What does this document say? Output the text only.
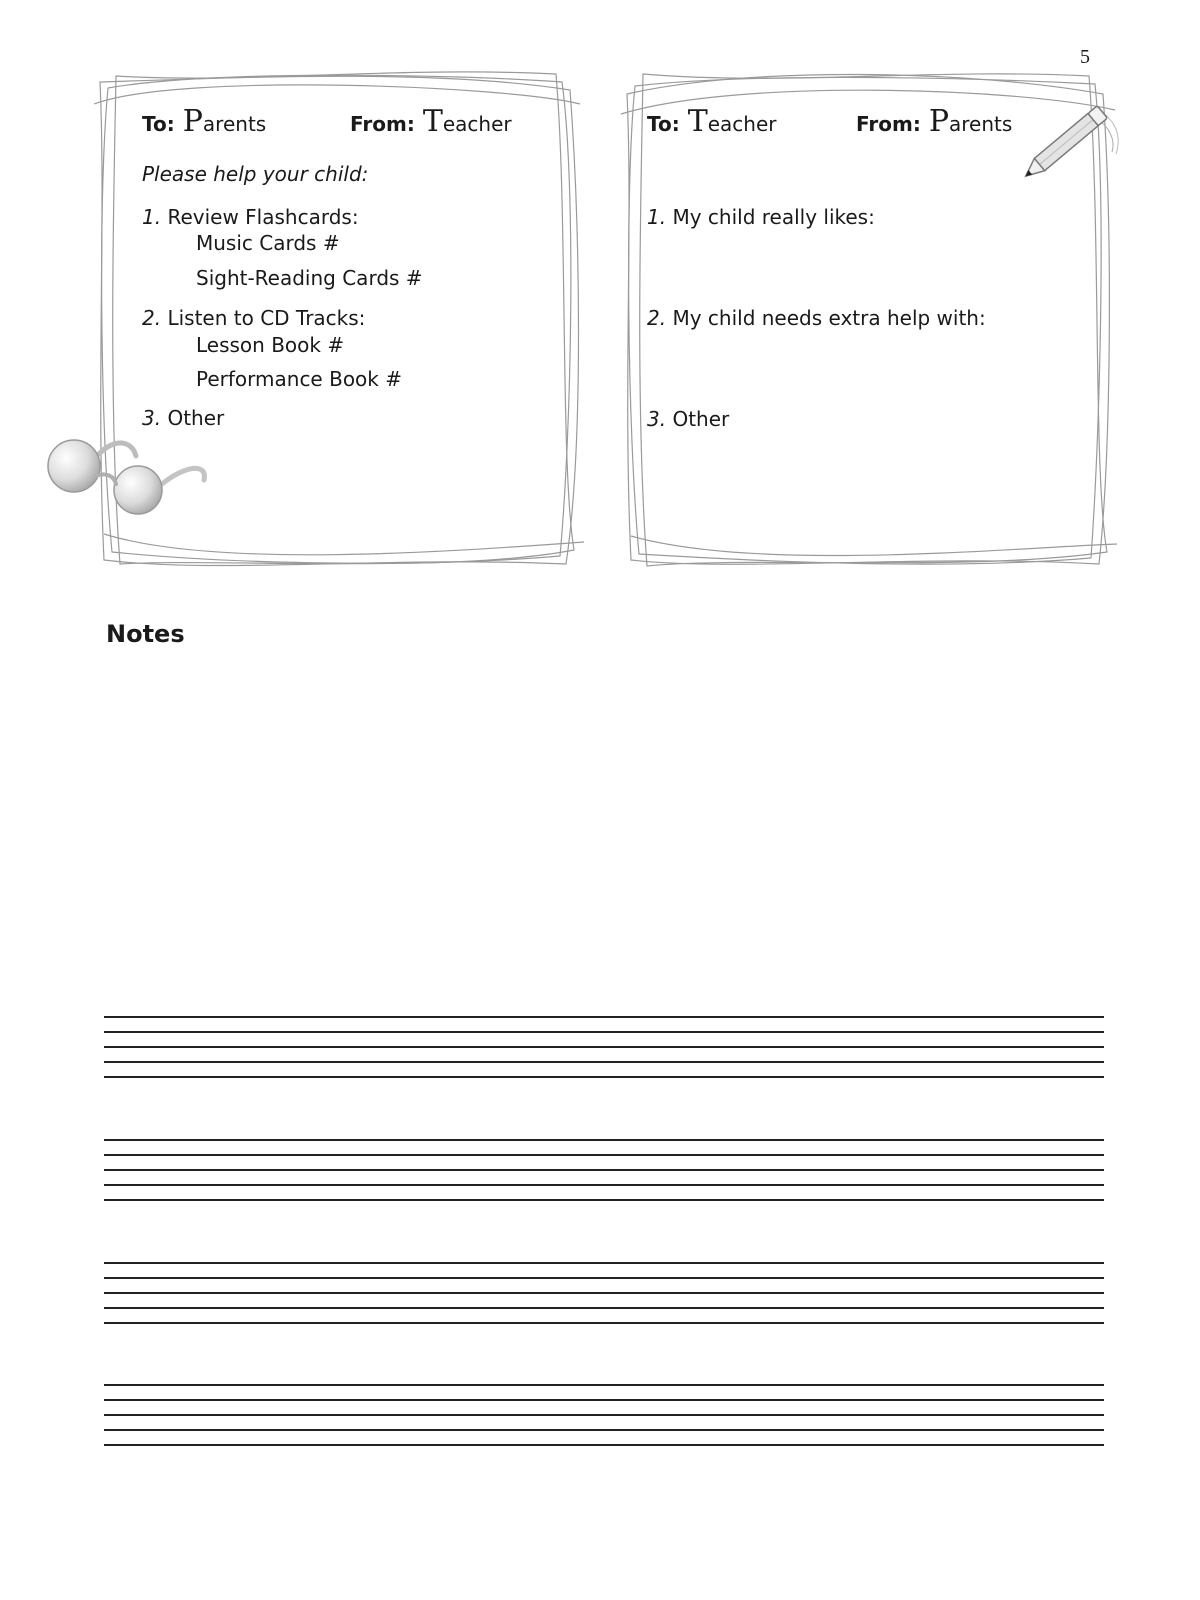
5
To: Parents	From: Teacher
Please help your child:
1. Review Flashcards:
Music Cards #
Sight-Reading Cards #
2. Listen to CD Tracks:
Lesson Book #
Performance Book #
3. Other
To: Teacher	From: Parents
1. My child really likes:
2. My child needs extra help with:
3. Other
Notes
